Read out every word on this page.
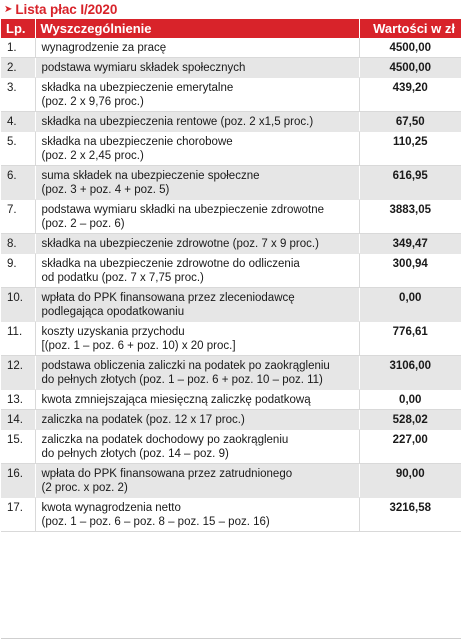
➤ Lista płac I/2020
Lp.	Wyszczególnienie	Wartości w zł
1.	wynagrodzenie za pracę	4500,00
2.	podstawa wymiaru składek społecznych	4500,00
3.	składka na ubezpieczenie emerytalne
(poz. 2 x 9,76 proc.)	439,20
4.	składka na ubezpieczenia rentowe (poz. 2 x1,5 proc.)	67,50
5.	składka na ubezpieczenie chorobowe
(poz. 2 x 2,45 proc.)	110,25
6.	suma składek na ubezpieczenie społeczne
(poz. 3 + poz. 4 + poz. 5)	616,95
7.	podstawa wymiaru składki na ubezpieczenie zdrowotne
(poz. 2 – poz. 6)	3883,05
8.	składka na ubezpieczenie zdrowotne (poz. 7 x 9 proc.)	349,47
9.	składka na ubezpieczenie zdrowotne do odliczenia
od podatku (poz. 7 x 7,75 proc.)	300,94
10.	wpłata do PPK finansowana przez zleceniodawcę
podlegająca opodatkowaniu	0,00
11.	koszty uzyskania przychodu
[(poz. 1 – poz. 6 + poz. 10) x 20 proc.]	776,61
12.	podstawa obliczenia zaliczki na podatek po zaokrągleniu
do pełnych złotych (poz. 1 – poz. 6 + poz. 10 – poz. 11)	3106,00
13.	kwota zmniejszająca miesięczną zaliczkę podatkową	0,00
14.	zaliczka na podatek (poz. 12 x 17 proc.)	528,02
15.	zaliczka na podatek dochodowy po zaokrągleniu
do pełnych złotych (poz. 14 – poz. 9)	227,00
16.	wpłata do PPK finansowana przez zatrudnionego
(2 proc. x poz. 2)	90,00
17.	kwota wynagrodzenia netto
(poz. 1 – poz. 6 – poz. 8 – poz. 15 – poz. 16)	3216,58
